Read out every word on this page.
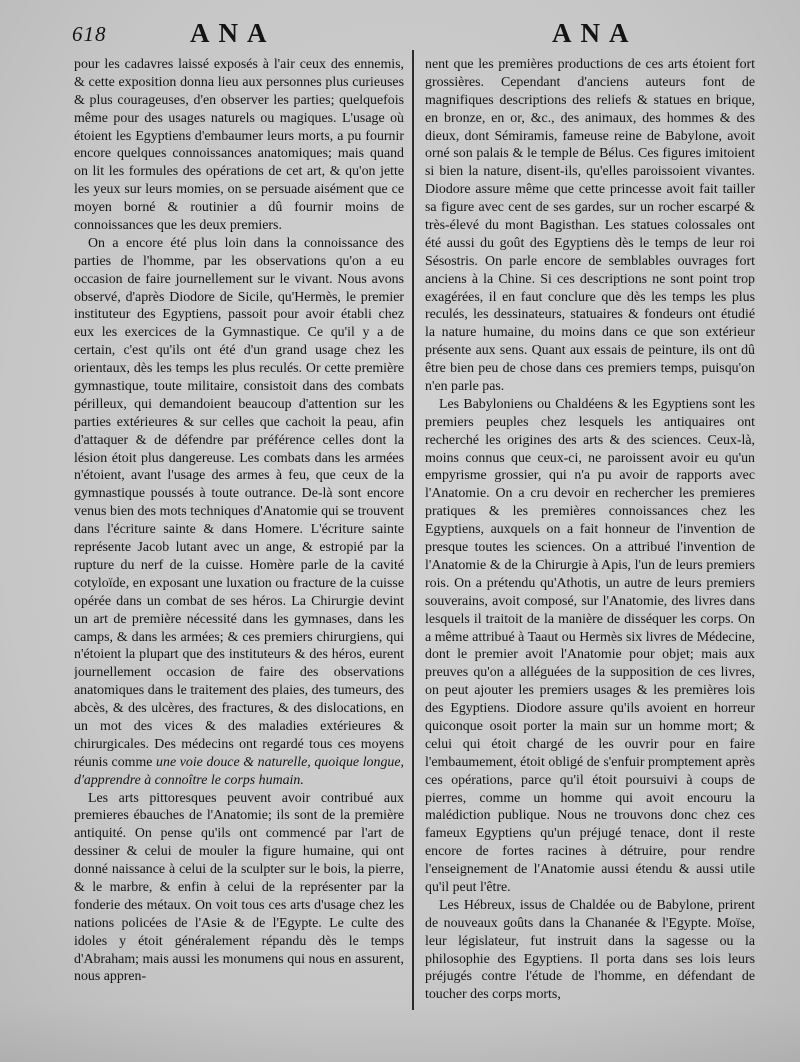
618	ANA	ANA

pour les cadavres laissé exposés à l'air ceux des ennemis, & cette exposition donna lieu aux personnes plus curieuses & plus courageuses, d'en observer les parties; quelquefois même pour des usages naturels ou magiques. L'usage où étoient les Egyptiens d'embaumer leurs morts, a pu fournir encore quelques connoissances anatomiques; mais quand on lit les formules des opérations de cet art, & qu'on jette les yeux sur leurs momies, on se persuade aisément que ce moyen borné & routinier a dû fournir moins de connoissances que les deux premiers.

On a encore été plus loin dans la connoissance des parties de l'homme, par les observations qu'on a eu occasion de faire journellement sur le vivant. Nous avons observé, d'après Diodore de Sicile, qu'Hermès, le premier instituteur des Egyptiens, passoit pour avoir établi chez eux les exercices de la Gymnastique. Ce qu'il y a de certain, c'est qu'ils ont été d'un grand usage chez les orientaux, dès les temps les plus reculés. Or cette première gymnastique, toute militaire, consistoit dans des combats périlleux, qui demandoient beaucoup d'attention sur les parties extérieures & sur celles que cachoit la peau, afin d'attaquer & de défendre par préférence celles dont la lésion étoit plus dangereuse. Les combats dans les armées n'étoient, avant l'usage des armes à feu, que ceux de la gymnastique poussés à toute outrance. De-là sont encore venus bien des mots techniques d'Anatomie qui se trouvent dans l'écriture sainte & dans Homere. L'écriture sainte représente Jacob lutant avec un ange, & estropié par la rupture du nerf de la cuisse. Homère parle de la cavité cotyloïde, en exposant une luxation ou fracture de la cuisse opérée dans un combat de ses héros. La Chirurgie devint un art de première nécessité dans les gymnases, dans les camps, & dans les armées; & ces premiers chirurgiens, qui n'étoient la plupart que des instituteurs & des héros, eurent journellement occasion de faire des observations anatomiques dans le traitement des plaies, des tumeurs, des abcès, & des ulcères, des fractures, & des dislocations, en un mot des vices & des maladies extérieures & chirurgicales. Des médecins ont regardé tous ces moyens réunis comme une voie douce & naturelle, quoique longue, d'apprendre à connoître le corps humain.

Les arts pittoresques peuvent avoir contribué aux premieres ébauches de l'Anatomie; ils sont de la première antiquité. On pense qu'ils ont commencé par l'art de dessiner & celui de mouler la figure humaine, qui ont donné naissance à celui de la sculpter sur le bois, la pierre, & le marbre, & enfin à celui de la représenter par la fonderie des métaux. On voit tous ces arts d'usage chez les nations policées de l'Asie & de l'Egypte. Le culte des idoles y étoit généralement répandu dès le temps d'Abraham; mais aussi les monumens qui nous en assurent, nous appren-

nent que les premières productions de ces arts étoient fort grossières. Cependant d'anciens auteurs font de magnifiques descriptions des reliefs & statues en brique, en bronze, en or, &c., des animaux, des hommes & des dieux, dont Sémiramis, fameuse reine de Babylone, avoit orné son palais & le temple de Bélus. Ces figures imitoient si bien la nature, disent-ils, qu'elles paroissoient vivantes. Diodore assure même que cette princesse avoit fait tailler sa figure avec cent de ses gardes, sur un rocher escarpé & très-élevé du mont Bagisthan. Les statues colossales ont été aussi du goût des Egyptiens dès le temps de leur roi Sésostris. On parle encore de semblables ouvrages fort anciens à la Chine. Si ces descriptions ne sont point trop exagérées, il en faut conclure que dès les temps les plus reculés, les dessinateurs, statuaires & fondeurs ont étudié la nature humaine, du moins dans ce que son extérieur présente aux sens. Quant aux essais de peinture, ils ont dû être bien peu de chose dans ces premiers temps, puisqu'on n'en parle pas.

Les Babyloniens ou Chaldéens & les Egyptiens sont les premiers peuples chez lesquels les antiquaires ont recherché les origines des arts & des sciences. Ceux-là, moins connus que ceux-ci, ne paroissent avoir eu qu'un empyrisme grossier, qui n'a pu avoir de rapports avec l'Anatomie. On a cru devoir en rechercher les premieres pratiques & les premières connoissances chez les Egyptiens, auxquels on a fait honneur de l'invention de presque toutes les sciences. On a attribué l'invention de l'Anatomie & de la Chirurgie à Apis, l'un de leurs premiers rois. On a prétendu qu'Athotis, un autre de leurs premiers souverains, avoit composé, sur l'Anatomie, des livres dans lesquels il traitoit de la manière de disséquer les corps. On a même attribué à Taaut ou Hermès six livres de Médecine, dont le premier avoit l'Anatomie pour objet; mais aux preuves qu'on a alléguées de la supposition de ces livres, on peut ajouter les premiers usages & les premières lois des Egyptiens. Diodore assure qu'ils avoient en horreur quiconque osoit porter la main sur un homme mort; & celui qui étoit chargé de les ouvrir pour en faire l'embaumement, étoit obligé de s'enfuir promptement après ces opérations, parce qu'il étoit poursuivi à coups de pierres, comme un homme qui avoit encouru la malédiction publique. Nous ne trouvons donc chez ces fameux Egyptiens qu'un préjugé tenace, dont il reste encore de fortes racines à détruire, pour rendre l'enseignement de l'Anatomie aussi étendu & aussi utile qu'il peut l'être.

Les Hébreux, issus de Chaldée ou de Babylone, prirent de nouveaux goûts dans la Chananée & l'Egypte. Moïse, leur législateur, fut instruit dans la sagesse ou la philosophie des Egyptiens. Il porta dans ses lois leurs préjugés contre l'étude de l'homme, en défendant de toucher des corps morts,
